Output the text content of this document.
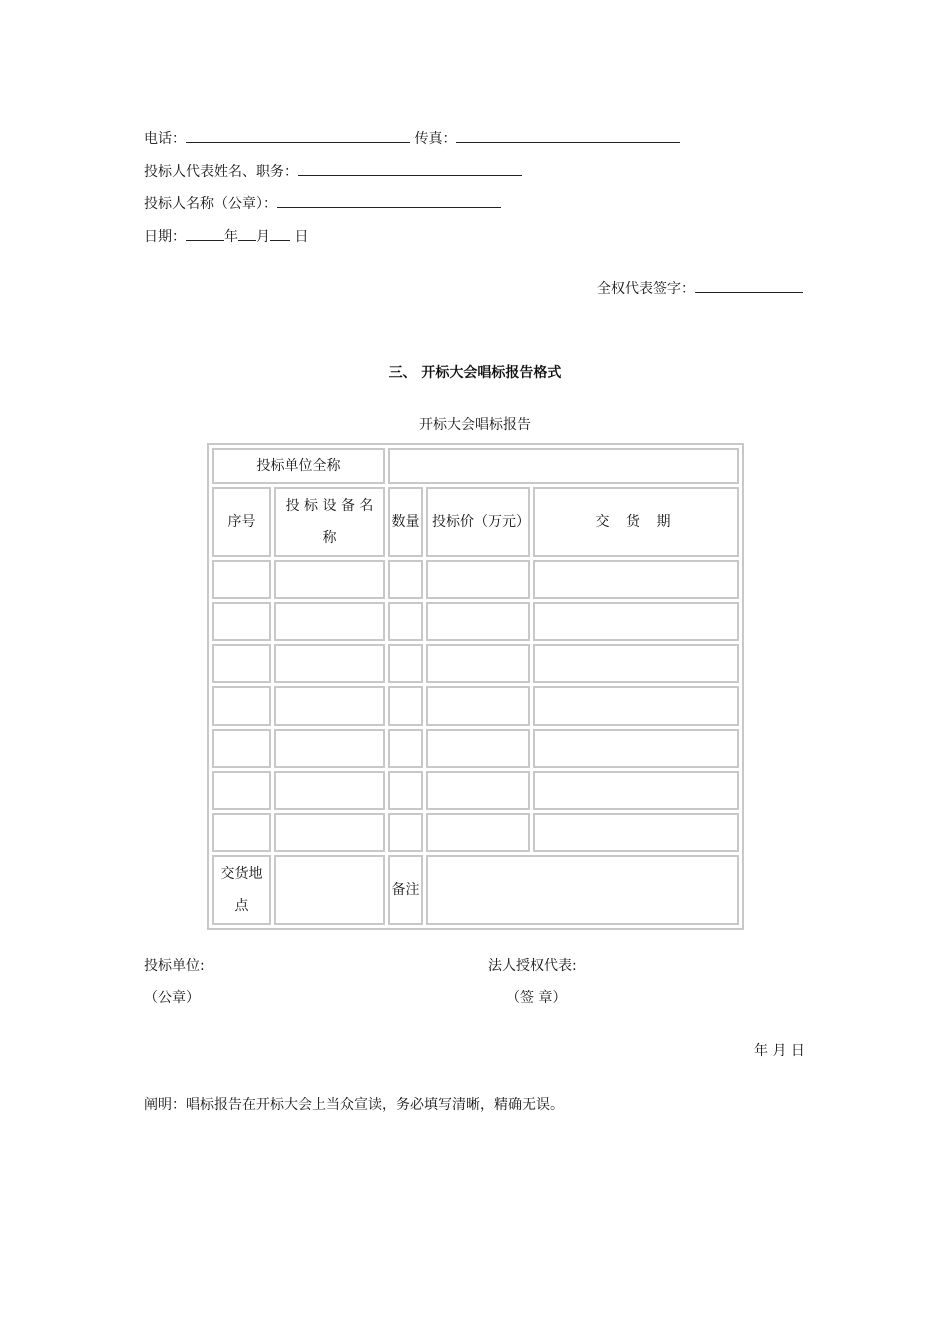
电话：	传真：
投标人代表姓名、职务：
投标人名称（公章）：
日期：	年 月 日
全权代表签字：
三、 开标大会唱标报告格式
开标大会唱标报告
投标单位全称				
序号	投 标 设 备 名 称	数量	投标价（万元）	交 货 期

交货地点		备注		
投标单位:	法人授权代表:
（公章）	（签 章）
年 月 日
阐明：唱标报告在开标大会上当众宣读，务必填写清晰，精确无误。
